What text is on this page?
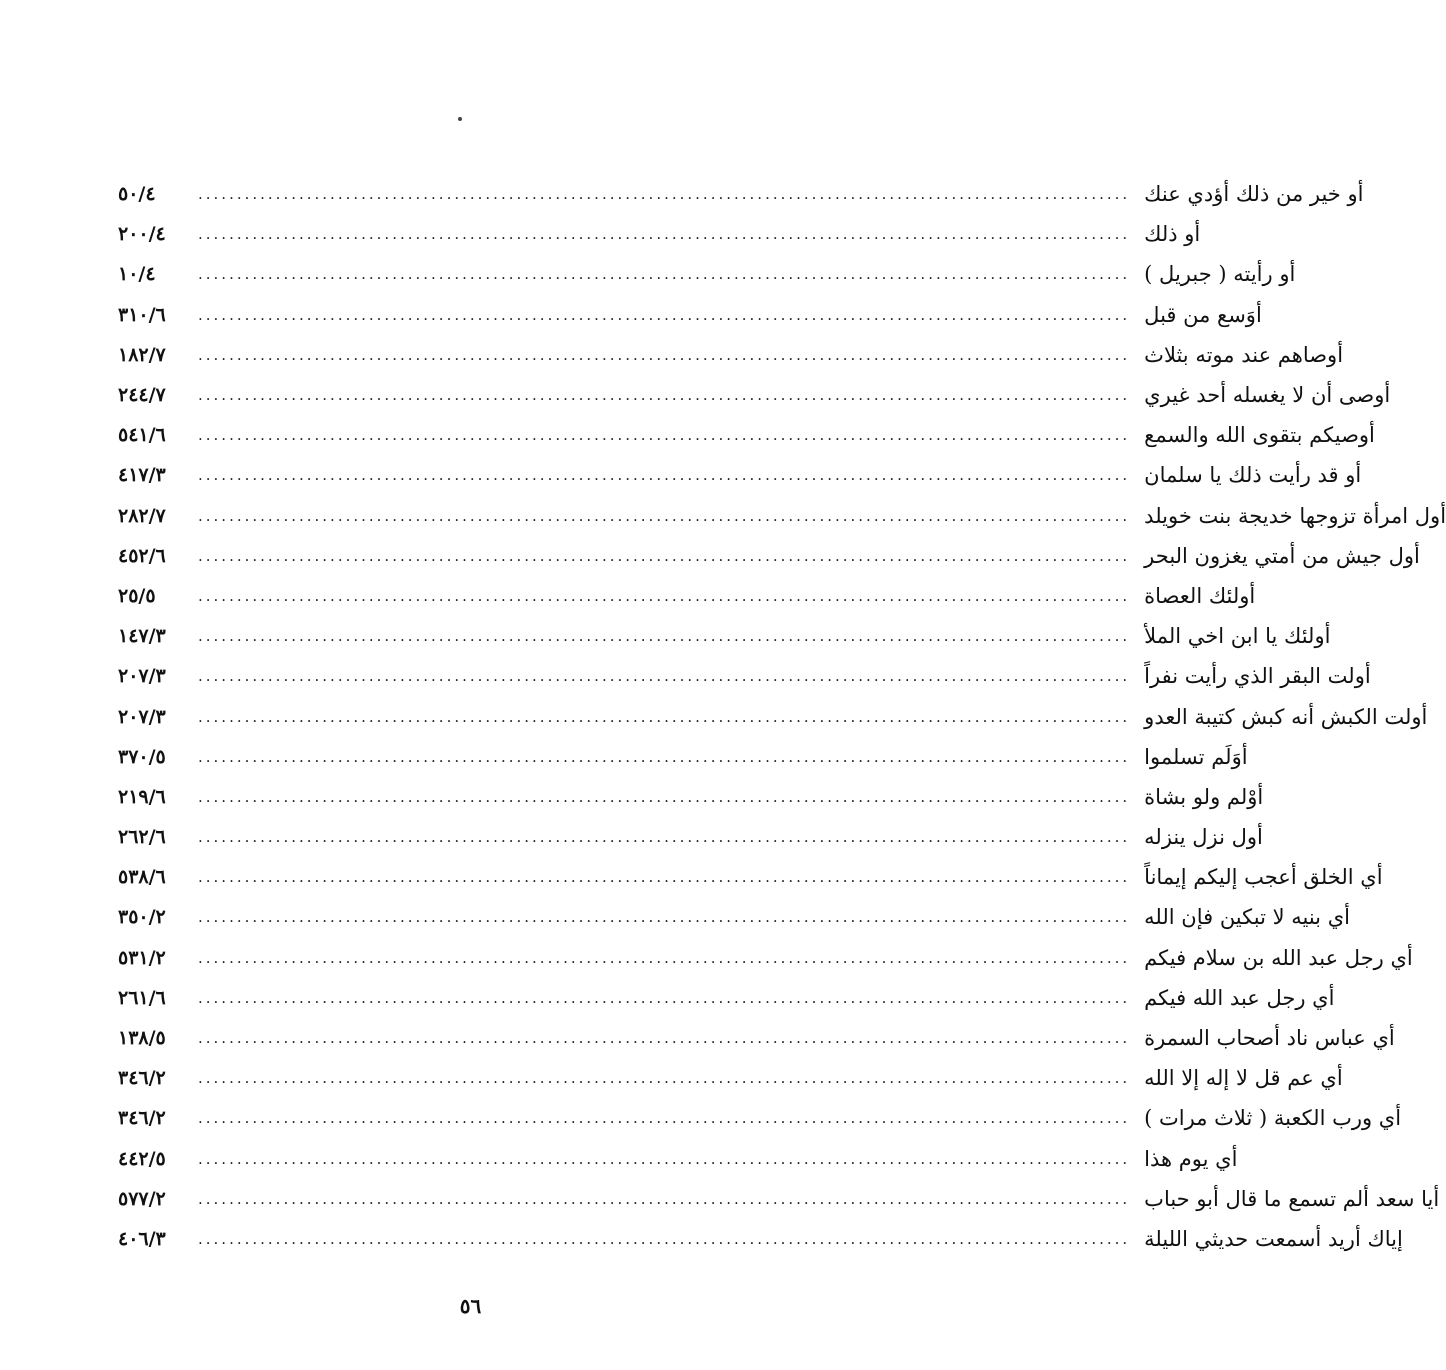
٥٠/٤	........................................................................................................................ أو خير من ذلك أؤدي عنك
٢٠٠/٤	........................................................................................................................ أو ذلك
١٠/٤	........................................................................................................................ أو رأيته ( جبريل )
٣١٠/٦	........................................................................................................................ أوَسع من قبل
١٨٢/٧	........................................................................................................................ أوصاهم عند موته بثلاث
٢٤٤/٧	........................................................................................................................ أوصى أن لا يغسله أحد غيري
٥٤١/٦	........................................................................................................................ أوصيكم بتقوى الله والسمع
٤١٧/٣	........................................................................................................................ أو قد رأيت ذلك يا سلمان
٢٨٢/٧	........................................................................................................................ أول امرأة تزوجها خديجة بنت خويلد
٤٥٢/٦	........................................................................................................................ أول جيش من أمتي يغزون البحر
٢٥/٥	........................................................................................................................ أولئك العصاة
١٤٧/٣	........................................................................................................................ أولئك يا ابن اخي الملأ
٢٠٧/٣	........................................................................................................................ أولت البقر الذي رأيت نفراً
٢٠٧/٣	........................................................................................................................ أولت الكبش أنه كبش كتيبة العدو
٣٧٠/٥	........................................................................................................................ أوَلَم تسلموا
٢١٩/٦	........................................................................................................................ أوْلم ولو بشاة
٢٦٢/٦	........................................................................................................................ أول نزل ينزله
٥٣٨/٦	........................................................................................................................ أي الخلق أعجب إليكم إيماناً
٣٥٠/٢	........................................................................................................................ أي بنيه لا تبكين فإن الله
٥٣١/٢	........................................................................................................................ أي رجل عبد الله بن سلام فيكم
٢٦١/٦	........................................................................................................................ أي رجل عبد الله فيكم
١٣٨/٥	........................................................................................................................ أي عباس ناد أصحاب السمرة
٣٤٦/٢	........................................................................................................................ أي عم قل لا إله إلا الله
٣٤٦/٢	........................................................................................................................ أي ورب الكعبة ( ثلاث مرات )
٤٤٢/٥	........................................................................................................................ أي يوم هذا
٥٧٧/٢	........................................................................................................................ أيا سعد ألم تسمع ما قال أبو حباب
٤٠٦/٣	........................................................................................................................ إياك أريد أسمعت حديثي الليلة
٥٦
